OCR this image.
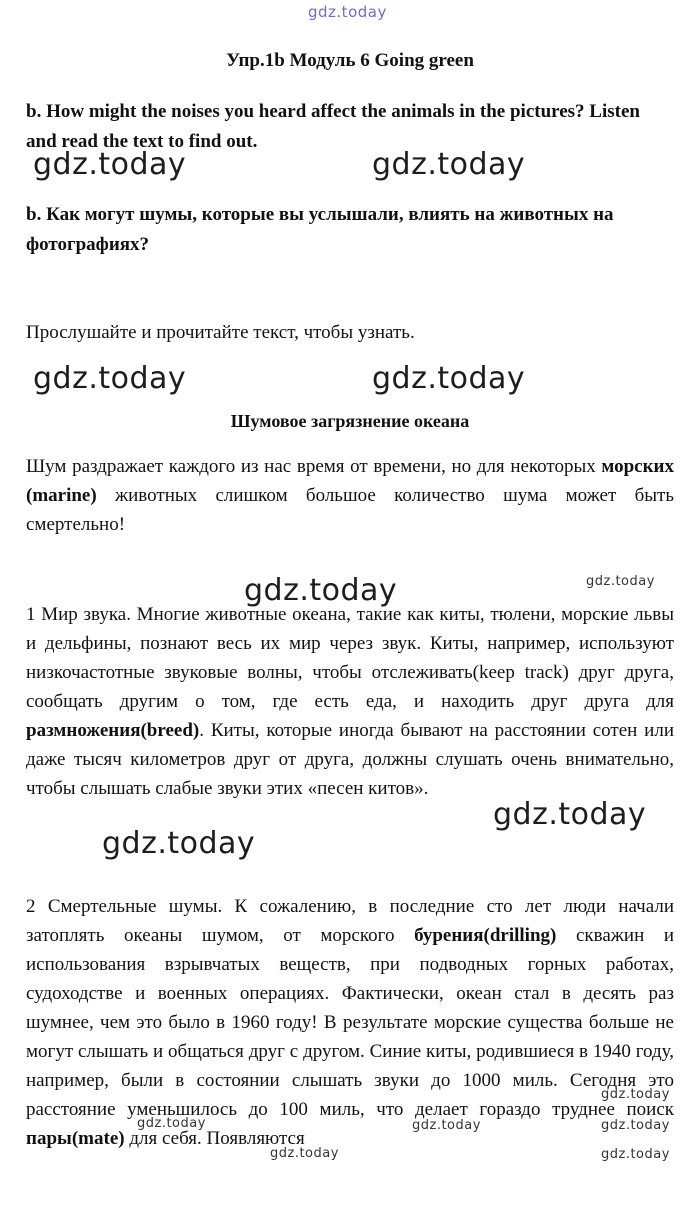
gdz.today
Упр.1b Модуль 6 Going green
b. How might the noises you heard affect the animals in the pictures? Listen and read the text to find out.
gdz.today	gdz.today
b. Как могут шумы, которые вы услышали, влиять на животных на фотографиях?
Прослушайте и прочитайте текст, чтобы узнать.
gdz.today	gdz.today
Шумовое загрязнение океана
Шум раздражает каждого из нас время от времени, но для некоторых морских (marine) животных слишком большое количество шума может быть смертельно!
gdz.today	gdz.today
1 Мир звука. Многие животные океана, такие как киты, тюлени, морские львы и дельфины, познают весь их мир через звук. Киты, например, используют низкочастотные звуковые волны, чтобы отслеживать(keep track) друг друга, сообщать другим о том, где есть еда, и находить друг друга для размножения(breed). Киты, которые иногда бывают на расстоянии сотен или даже тысяч километров друг от друга, должны слушать очень внимательно, чтобы слышать слабые звуки этих «песен китов».
gdz.today
gdz.today
2 Смертельные шумы. К сожалению, в последние сто лет люди начали затоплять океаны шумом, от морского бурения(drilling) скважин и использования взрывчатых веществ, при подводных горных работах, судоходстве и военных операциях. Фактически, океан стал в десять раз шумнее, чем это было в 1960 году! В результате морские существа больше не могут слышать и общаться друг с другом. Синие киты, родившиеся в 1940 году, например, были в состоянии слышать звуки до 1000 миль. Сегодня это расстояние уменьшилось до 100 миль, что делает гораздо труднее поиск пары(mate) для себя. Появляются
gdz.today
gdz.today	gdz.today	gdz.today
gdz.today	gdz.today
